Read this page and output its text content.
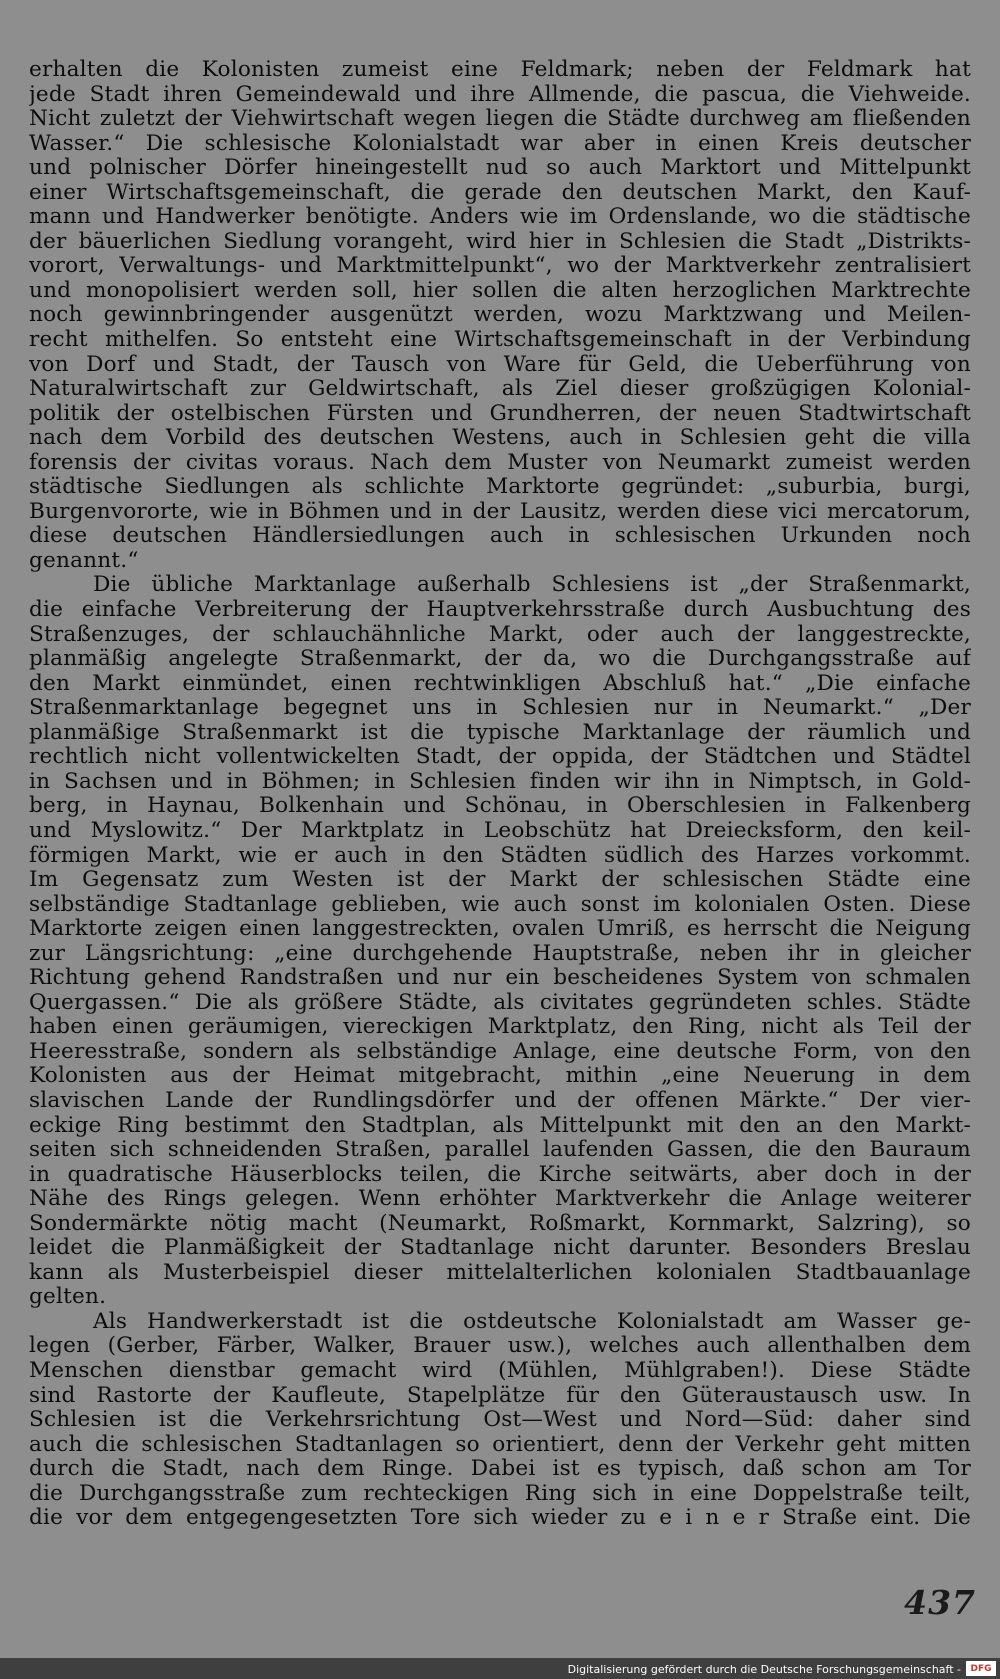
erhalten die Kolonisten zumeist eine Feldmark; neben der Feldmark hat
jede Stadt ihren Gemeindewald und ihre Allmende, die pascua, die Viehweide.
Nicht zuletzt der Viehwirtschaft wegen liegen die Städte durchweg am fließenden
Wasser.“ Die schlesische Kolonialstadt war aber in einen Kreis deutscher
und polnischer Dörfer hineingestellt nud so auch Marktort und Mittelpunkt
einer Wirtschaftsgemeinschaft, die gerade den deutschen Markt, den Kauf-
mann und Handwerker benötigte. Anders wie im Ordenslande, wo die städtische
der bäuerlichen Siedlung vorangeht, wird hier in Schlesien die Stadt „Distrikts-
vorort, Verwaltungs- und Marktmittelpunkt“, wo der Marktverkehr zentralisiert
und monopolisiert werden soll, hier sollen die alten herzoglichen Marktrechte
noch gewinnbringender ausgenützt werden, wozu Marktzwang und Meilen-
recht mithelfen. So entsteht eine Wirtschaftsgemeinschaft in der Verbindung
von Dorf und Stadt, der Tausch von Ware für Geld, die Ueberführung von
Naturalwirtschaft zur Geldwirtschaft, als Ziel dieser großzügigen Kolonial-
politik der ostelbischen Fürsten und Grundherren, der neuen Stadtwirtschaft
nach dem Vorbild des deutschen Westens, auch in Schlesien geht die villa
forensis der civitas voraus. Nach dem Muster von Neumarkt zumeist werden
städtische Siedlungen als schlichte Marktorte gegründet: „suburbia, burgi,
Burgenvororte, wie in Böhmen und in der Lausitz, werden diese vici mercatorum,
diese deutschen Händlersiedlungen auch in schlesischen Urkunden noch
genannt.“
Die übliche Marktanlage außerhalb Schlesiens ist „der Straßenmarkt,
die einfache Verbreiterung der Hauptverkehrsstraße durch Ausbuchtung des
Straßenzuges, der schlauchähnliche Markt, oder auch der langgestreckte,
planmäßig angelegte Straßenmarkt, der da, wo die Durchgangsstraße auf
den Markt einmündet, einen rechtwinkligen Abschluß hat.“ „Die einfache
Straßenmarktanlage begegnet uns in Schlesien nur in Neumarkt.“ „Der
planmäßige Straßenmarkt ist die typische Marktanlage der räumlich und
rechtlich nicht vollentwickelten Stadt, der oppida, der Städtchen und Städtel
in Sachsen und in Böhmen; in Schlesien finden wir ihn in Nimptsch, in Gold-
berg, in Haynau, Bolkenhain und Schönau, in Oberschlesien in Falkenberg
und Myslowitz.“ Der Marktplatz in Leobschütz hat Dreiecksform, den keil-
förmigen Markt, wie er auch in den Städten südlich des Harzes vorkommt.
Im Gegensatz zum Westen ist der Markt der schlesischen Städte eine
selbständige Stadtanlage geblieben, wie auch sonst im kolonialen Osten. Diese
Marktorte zeigen einen langgestreckten, ovalen Umriß, es herrscht die Neigung
zur Längsrichtung: „eine durchgehende Hauptstraße, neben ihr in gleicher
Richtung gehend Randstraßen und nur ein bescheidenes System von schmalen
Quergassen.“ Die als größere Städte, als civitates gegründeten schles. Städte
haben einen geräumigen, viereckigen Marktplatz, den Ring, nicht als Teil der
Heeresstraße, sondern als selbständige Anlage, eine deutsche Form, von den
Kolonisten aus der Heimat mitgebracht, mithin „eine Neuerung in dem
slavischen Lande der Rundlingsdörfer und der offenen Märkte.“ Der vier-
eckige Ring bestimmt den Stadtplan, als Mittelpunkt mit den an den Markt-
seiten sich schneidenden Straßen, parallel laufenden Gassen, die den Bauraum
in quadratische Häuserblocks teilen, die Kirche seitwärts, aber doch in der
Nähe des Rings gelegen. Wenn erhöhter Marktverkehr die Anlage weiterer
Sondermärkte nötig macht (Neumarkt, Roßmarkt, Kornmarkt, Salzring), so
leidet die Planmäßigkeit der Stadtanlage nicht darunter. Besonders Breslau
kann als Musterbeispiel dieser mittelalterlichen kolonialen Stadtbauanlage
gelten.
Als Handwerkerstadt ist die ostdeutsche Kolonialstadt am Wasser ge-
legen (Gerber, Färber, Walker, Brauer usw.), welches auch allenthalben dem
Menschen dienstbar gemacht wird (Mühlen, Mühlgraben!). Diese Städte
sind Rastorte der Kaufleute, Stapelplätze für den Güteraustausch usw. In
Schlesien ist die Verkehrsrichtung Ost—West und Nord—Süd: daher sind
auch die schlesischen Stadtanlagen so orientiert, denn der Verkehr geht mitten
durch die Stadt, nach dem Ringe. Dabei ist es typisch, daß schon am Tor
die Durchgangsstraße zum rechteckigen Ring sich in eine Doppelstraße teilt,
die vor dem entgegengesetzten Tore sich wieder zu e i n e r Straße eint. Die
437
Digitalisierung gefördert durch die Deutsche Forschungsgemeinschaft -	DFG
